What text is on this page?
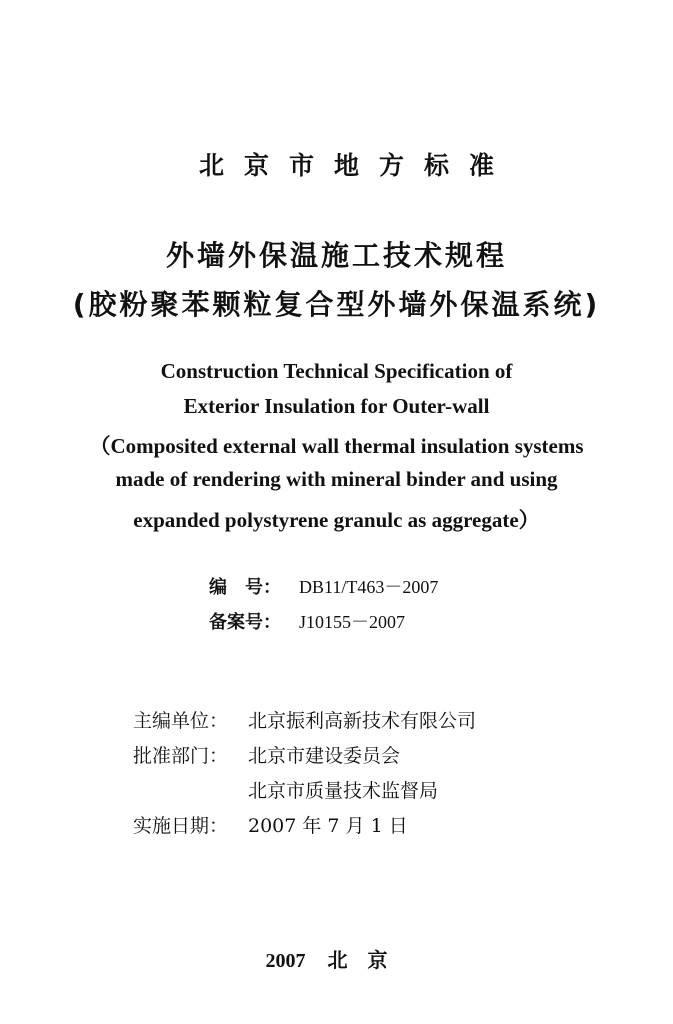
北京市地方标准
外墙外保温施工技术规程
(胶粉聚苯颗粒复合型外墙外保温系统)
Construction Technical Specification of
Exterior Insulation for Outer-wall
（Composited external wall thermal insulation systems
made of rendering with mineral binder and using
expanded polystyrene granulc as aggregate）
编　号：	DB11/T463－2007
备案号：	J10155－2007
主编单位：	北京振利高新技术有限公司
批准部门：	北京市建设委员会
北京市质量技术监督局
实施日期：	2007 年 7 月 1 日
2007 北京
